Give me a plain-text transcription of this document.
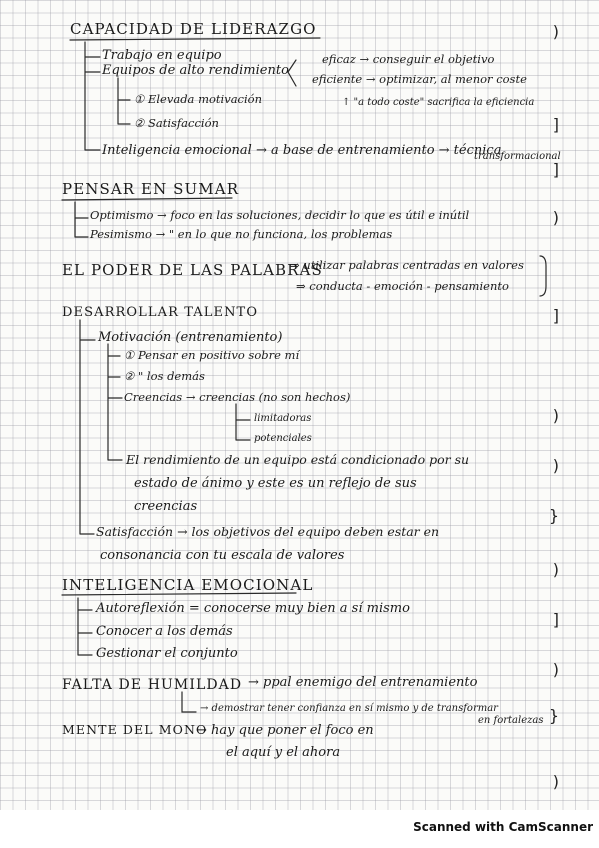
CAPACIDAD DE LIDERAZGO
Trabajo en equipo
Equipos de alto rendimiento
eficaz → conseguir el objetivo
eficiente → optimizar, al menor coste
↑ "a todo coste" sacrifica la eficiencia
① Elevada motivación
② Satisfacción
Inteligencia emocional → a base de entrenamiento → técnica
transformacional
PENSAR EN SUMAR
Optimismo → foco en las soluciones, decidir lo que es útil e inútil
Pesimismo → " en lo que no funciona, los problemas
EL PODER DE LAS PALABRAS
⇒ utilizar palabras centradas en valores
⇒ conducta - emoción - pensamiento
DESARROLLAR TALENTO
Motivación (entrenamiento)
① Pensar en positivo sobre mí
② " los demás
Creencias → creencias (no son hechos)
limitadoras
potenciales
El rendimiento de un equipo está condicionado por su
estado de ánimo y este es un reflejo de sus
creencias
Satisfacción → los objetivos del equipo deben estar en
consonancia con tu escala de valores
INTELIGENCIA EMOCIONAL
Autoreflexión = conocerse muy bien a sí mismo
Conocer a los demás
Gestionar el conjunto
FALTA DE HUMILDAD → ppal enemigo del entrenamiento
→ demostrar tener confianza en sí mismo y de transformar
en fortalezas
MENTE DEL MONO
→ hay que poner el foco en
el aquí y el ahora
)
]
]
)
]
)
)
}
)
]
)
}
)
Scanned with CamScanner
